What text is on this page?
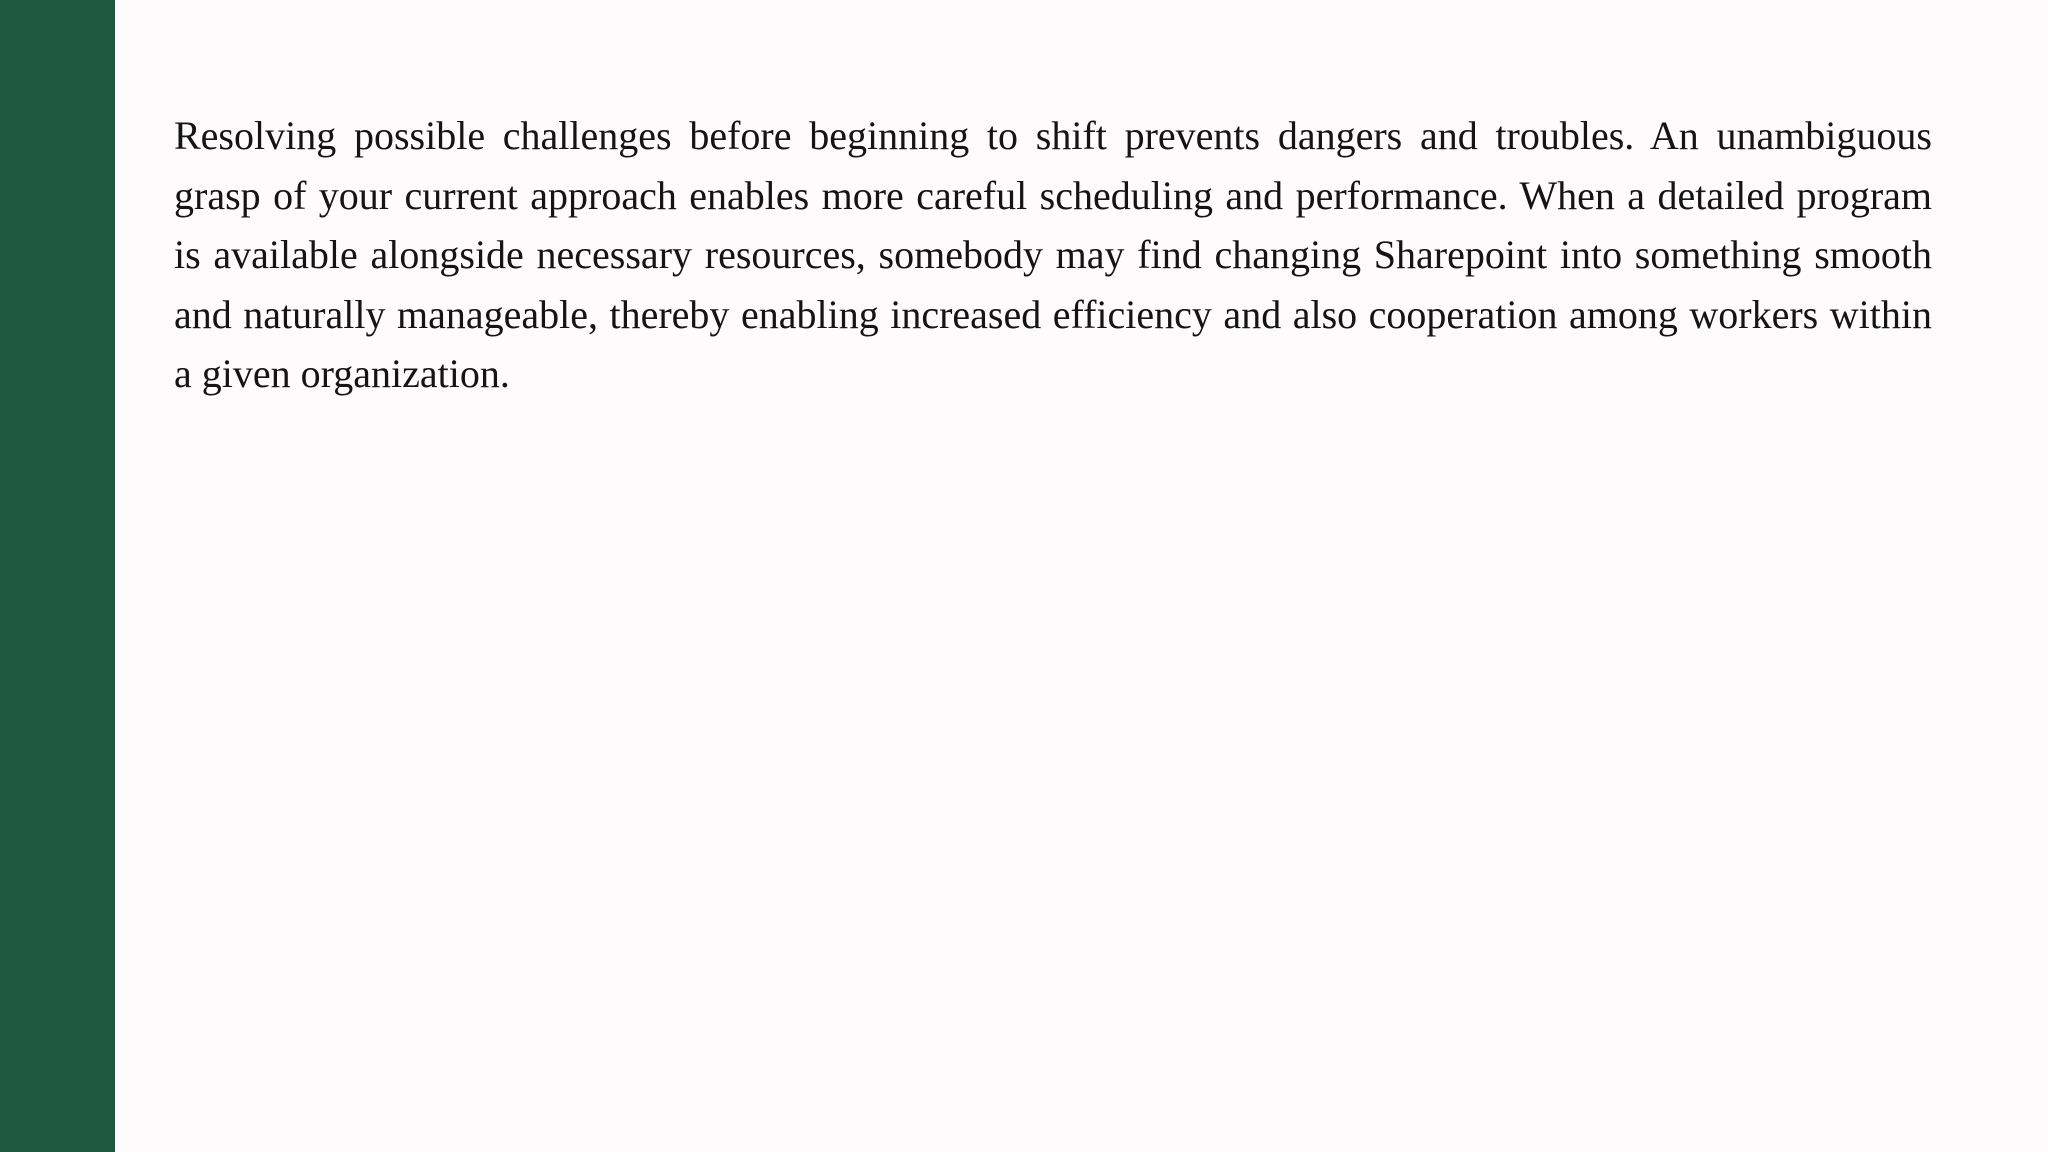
Resolving possible challenges before beginning to shift prevents dangers and troubles. An unambiguous grasp of your current approach enables more careful scheduling and performance. When a detailed program is available alongside necessary resources, somebody may find changing Sharepoint into something smooth and naturally manageable, thereby enabling increased efficiency and also cooperation among workers within a given organization.
